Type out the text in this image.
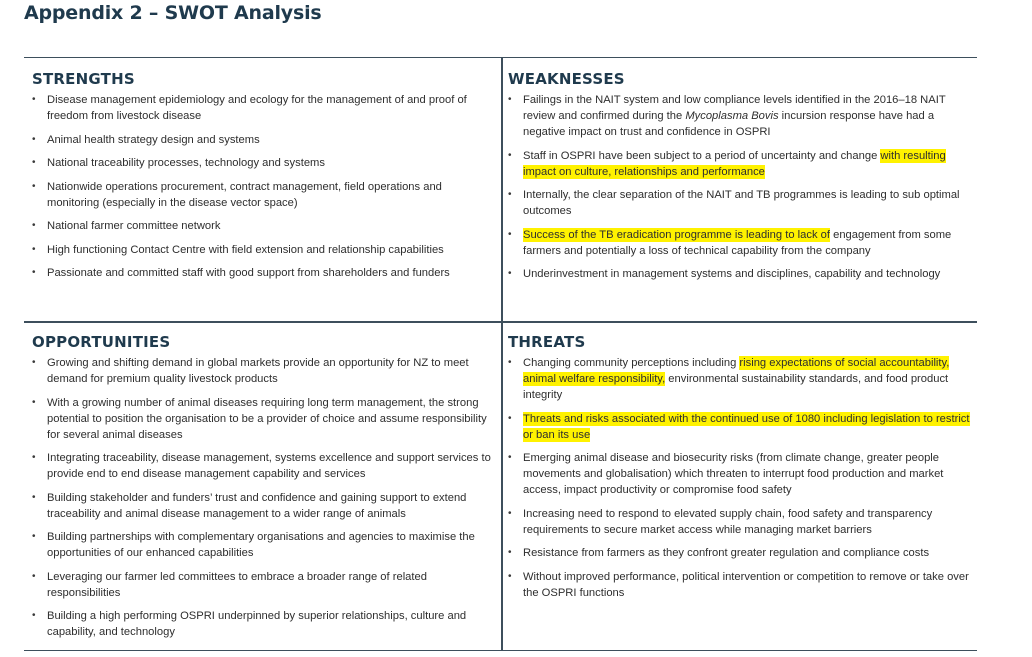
Appendix 2 – SWOT Analysis
STRENGTHS
• Disease management epidemiology and ecology for the management of and proof of freedom from livestock disease
• Animal health strategy design and systems
• National traceability processes, technology and systems
• Nationwide operations procurement, contract management, field operations and monitoring (especially in the disease vector space)
• National farmer committee network
• High functioning Contact Centre with field extension and relationship capabilities
• Passionate and committed staff with good support from shareholders and funders
WEAKNESSES
• Failings in the NAIT system and low compliance levels identified in the 2016–18 NAIT review and confirmed during the Mycoplasma Bovis incursion response have had a negative impact on trust and confidence in OSPRI
• Staff in OSPRI have been subject to a period of uncertainty and change with resulting impact on culture, relationships and performance
• Internally, the clear separation of the NAIT and TB programmes is leading to sub optimal outcomes
• Success of the TB eradication programme is leading to lack of engagement from some farmers and potentially a loss of technical capability from the company
• Underinvestment in management systems and disciplines, capability and technology
OPPORTUNITIES
• Growing and shifting demand in global markets provide an opportunity for NZ to meet demand for premium quality livestock products
• With a growing number of animal diseases requiring long term management, the strong potential to position the organisation to be a provider of choice and assume responsibility for several animal diseases
• Integrating traceability, disease management, systems excellence and support services to provide end to end disease management capability and services
• Building stakeholder and funders’ trust and confidence and gaining support to extend traceability and animal disease management to a wider range of animals
• Building partnerships with complementary organisations and agencies to maximise the opportunities of our enhanced capabilities
• Leveraging our farmer led committees to embrace a broader range of related responsibilities
• Building a high performing OSPRI underpinned by superior relationships, culture and capability, and technology
THREATS
• Changing community perceptions including rising expectations of social accountability, animal welfare responsibility, environmental sustainability standards, and food product integrity
• Threats and risks associated with the continued use of 1080 including legislation to restrict or ban its use
• Emerging animal disease and biosecurity risks (from climate change, greater people movements and globalisation) which threaten to interrupt food production and market access, impact productivity or compromise food safety
• Increasing need to respond to elevated supply chain, food safety and transparency requirements to secure market access while managing market barriers
• Resistance from farmers as they confront greater regulation and compliance costs
• Without improved performance, political intervention or competition to remove or take over the OSPRI functions
